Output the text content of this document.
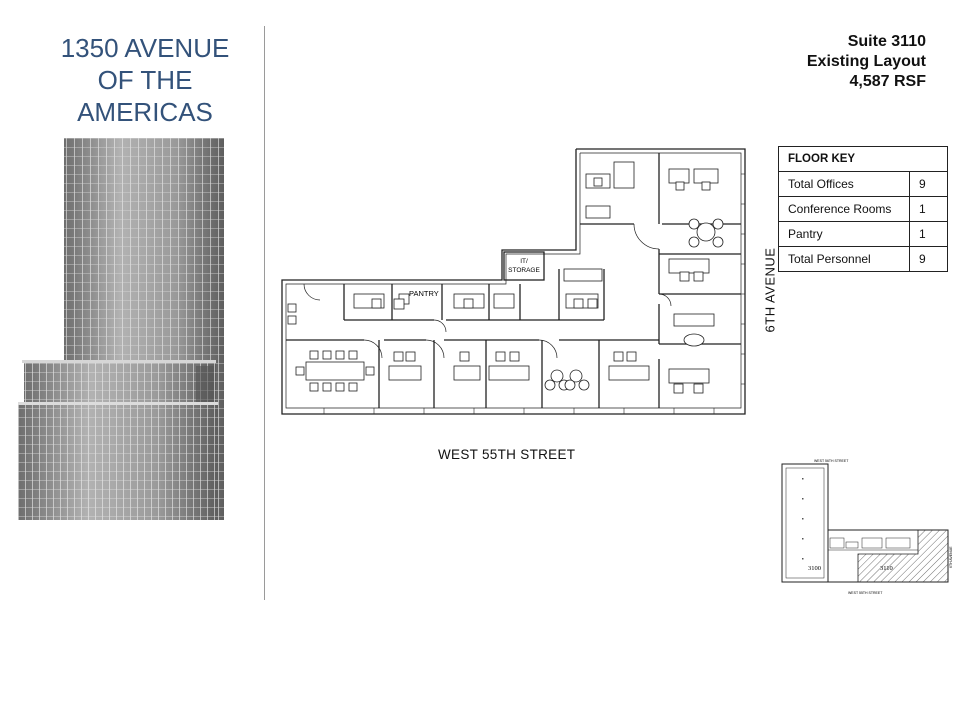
1350 AVENUE
OF THE
AMERICAS
Suite 3110
Existing Layout
4,587 RSF
FLOOR KEY	
Total Offices	9
Conference Rooms	1
Pantry	1
Total Personnel	9
PANTRY
IT/
STORAGE
WEST 55TH STREET
6TH AVENUE
WEST 56TH STREET
3100	3110
WEST 55TH STREET
6TH AVENUE
